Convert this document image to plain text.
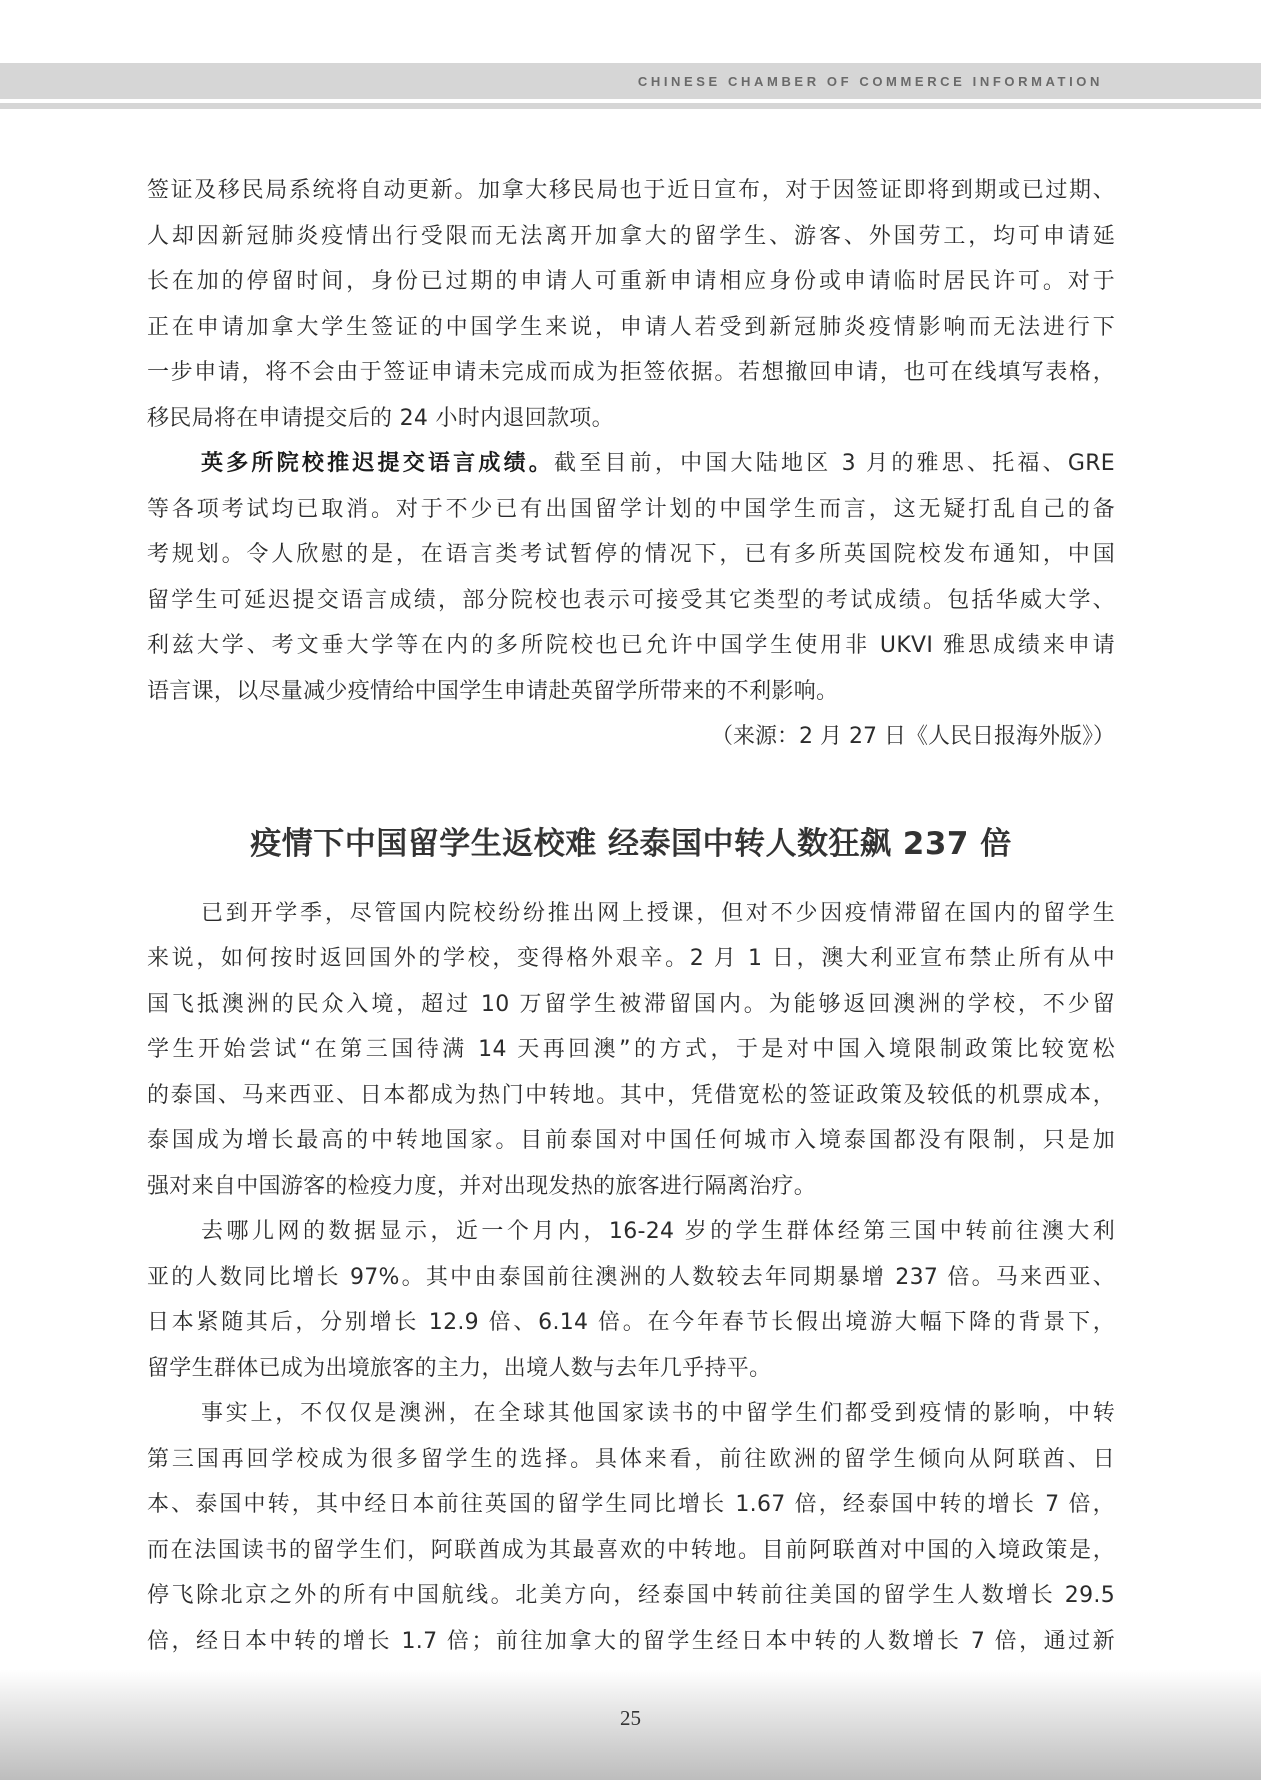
CHINESE CHAMBER OF COMMERCE INFORMATION
签证及移民局系统将自动更新。加拿大移民局也于近日宣布，对于因签证即将到期或已过期、
人却因新冠肺炎疫情出行受限而无法离开加拿大的留学生、游客、外国劳工，均可申请延
长在加的停留时间，身份已过期的申请人可重新申请相应身份或申请临时居民许可。对于
正在申请加拿大学生签证的中国学生来说，申请人若受到新冠肺炎疫情影响而无法进行下
一步申请，将不会由于签证申请未完成而成为拒签依据。若想撤回申请，也可在线填写表格，
移民局将在申请提交后的 24 小时内退回款项。
英多所院校推迟提交语言成绩。截至目前，中国大陆地区 3 月的雅思、托福、GRE
等各项考试均已取消。对于不少已有出国留学计划的中国学生而言，这无疑打乱自己的备
考规划。令人欣慰的是，在语言类考试暂停的情况下，已有多所英国院校发布通知，中国
留学生可延迟提交语言成绩，部分院校也表示可接受其它类型的考试成绩。包括华威大学、
利兹大学、考文垂大学等在内的多所院校也已允许中国学生使用非 UKVI 雅思成绩来申请
语言课，以尽量减少疫情给中国学生申请赴英留学所带来的不利影响。
（来源：2 月 27 日《人民日报海外版》）
疫情下中国留学生返校难 经泰国中转人数狂飙 237 倍
已到开学季，尽管国内院校纷纷推出网上授课，但对不少因疫情滞留在国内的留学生
来说，如何按时返回国外的学校，变得格外艰辛。2 月 1 日，澳大利亚宣布禁止所有从中
国飞抵澳洲的民众入境，超过 10 万留学生被滞留国内。为能够返回澳洲的学校，不少留
学生开始尝试“在第三国待满 14 天再回澳”的方式，于是对中国入境限制政策比较宽松
的泰国、马来西亚、日本都成为热门中转地。其中，凭借宽松的签证政策及较低的机票成本，
泰国成为增长最高的中转地国家。目前泰国对中国任何城市入境泰国都没有限制，只是加
强对来自中国游客的检疫力度，并对出现发热的旅客进行隔离治疗。
去哪儿网的数据显示，近一个月内，16-24 岁的学生群体经第三国中转前往澳大利
亚的人数同比增长 97%。其中由泰国前往澳洲的人数较去年同期暴增 237 倍。马来西亚、
日本紧随其后，分别增长 12.9 倍、6.14 倍。在今年春节长假出境游大幅下降的背景下，
留学生群体已成为出境旅客的主力，出境人数与去年几乎持平。
事实上，不仅仅是澳洲，在全球其他国家读书的中留学生们都受到疫情的影响，中转
第三国再回学校成为很多留学生的选择。具体来看，前往欧洲的留学生倾向从阿联酋、日
本、泰国中转，其中经日本前往英国的留学生同比增长 1.67 倍，经泰国中转的增长 7 倍，
而在法国读书的留学生们，阿联酋成为其最喜欢的中转地。目前阿联酋对中国的入境政策是，
停飞除北京之外的所有中国航线。北美方向，经泰国中转前往美国的留学生人数增长 29.5
倍，经日本中转的增长 1.7 倍；前往加拿大的留学生经日本中转的人数增长 7 倍，通过新
25
